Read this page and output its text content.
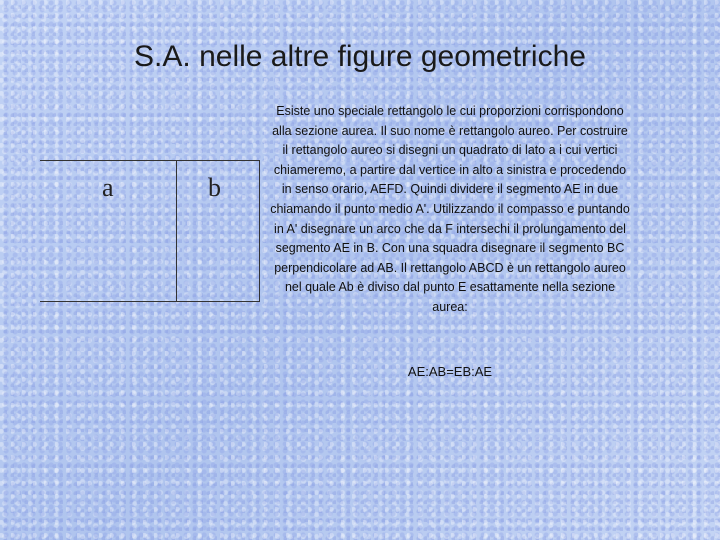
S.A. nelle altre figure geometriche
a	b
Esiste uno speciale rettangolo le cui proporzioni corrispondono alla sezione aurea. Il suo nome è rettangolo aureo. Per costruire il rettangolo aureo si disegni un quadrato di lato a i cui vertici chiameremo, a partire dal vertice in alto a sinistra e procedendo in senso orario, AEFD. Quindi dividere il segmento AE in due chiamando il punto medio A'. Utilizzando il compasso e puntando in A' disegnare un arco che da F intersechi il prolungamento del segmento AE in B. Con una squadra disegnare il segmento BC perpendicolare ad AB. Il rettangolo ABCD è un rettangolo aureo nel quale Ab è diviso dal punto E esattamente nella sezione aurea:
AE:AB=EB:AE
